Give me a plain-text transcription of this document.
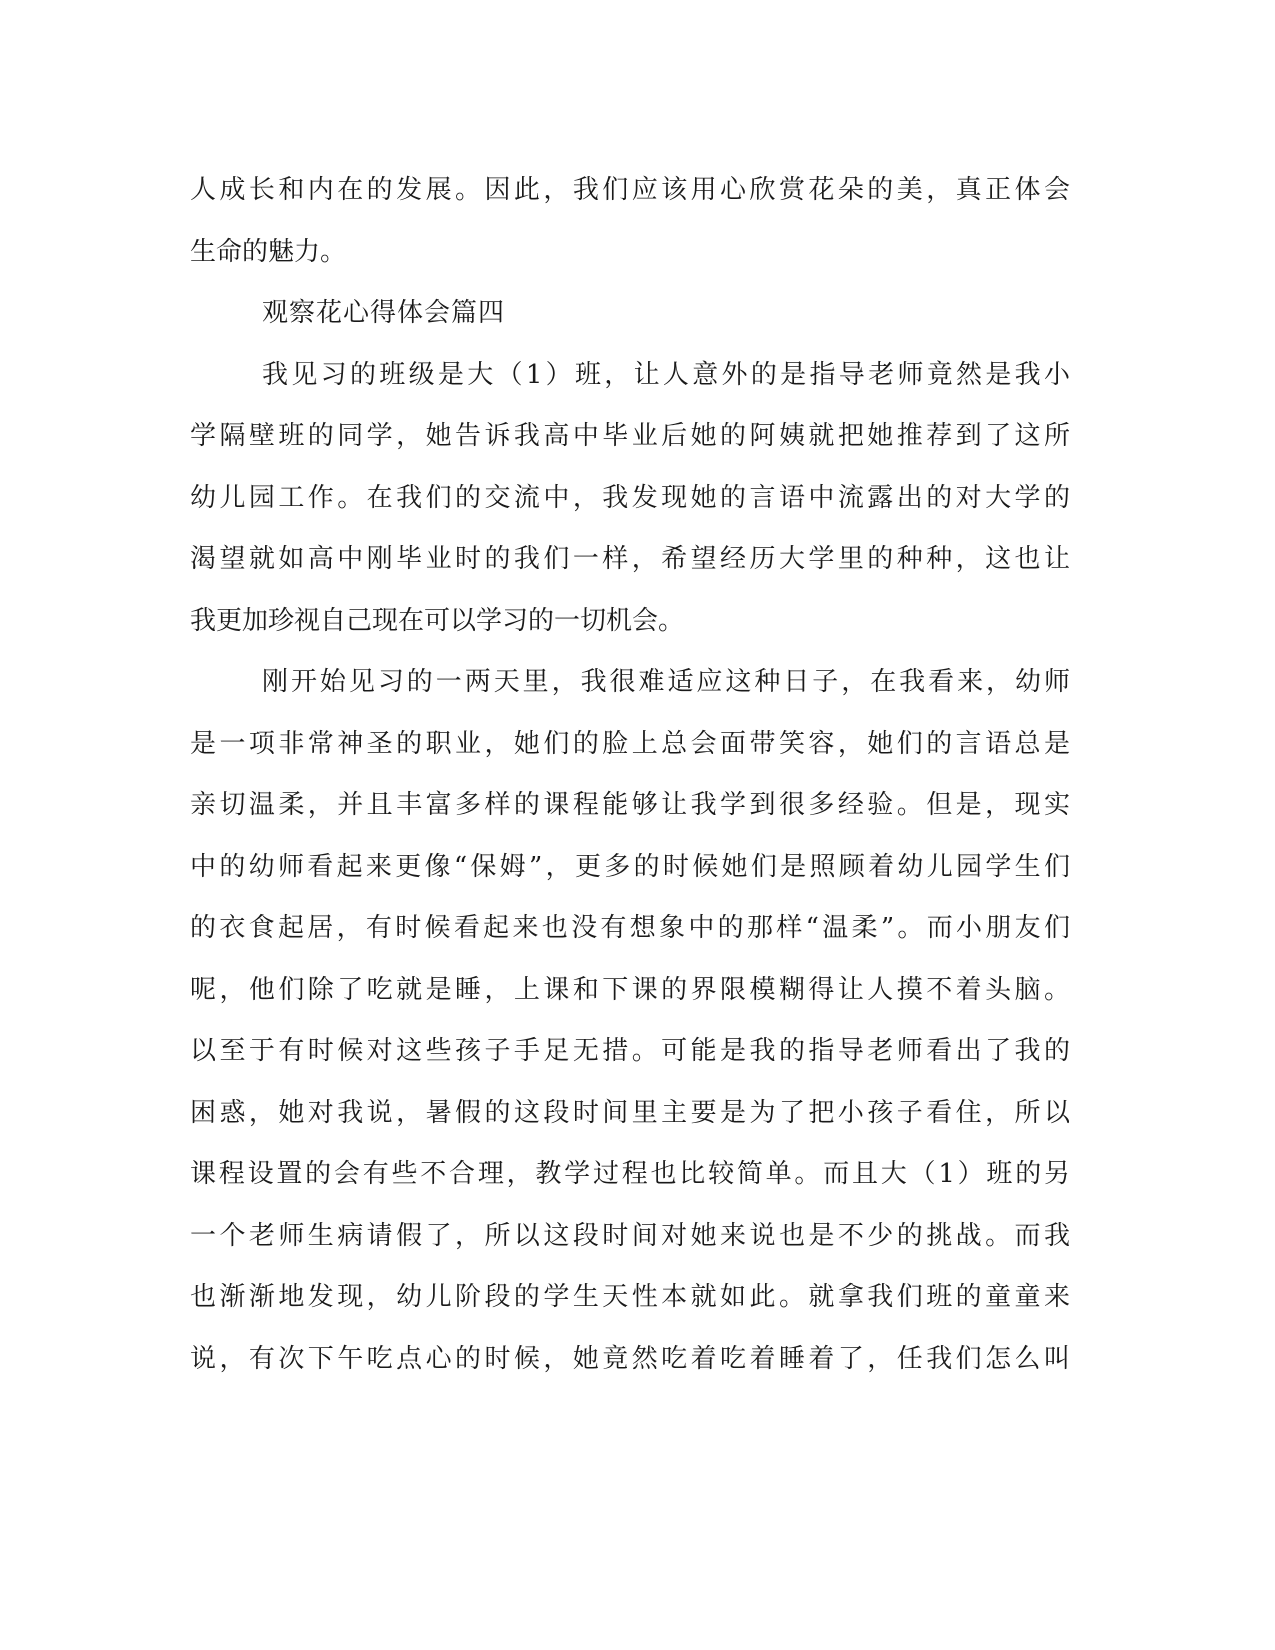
人成长和内在的发展。因此，我们应该用心欣赏花朵的美，真正体会
生命的魅力。
观察花心得体会篇四
我见习的班级是大（1）班，让人意外的是指导老师竟然是我小
学隔壁班的同学，她告诉我高中毕业后她的阿姨就把她推荐到了这所
幼儿园工作。在我们的交流中，我发现她的言语中流露出的对大学的
渴望就如高中刚毕业时的我们一样，希望经历大学里的种种，这也让
我更加珍视自己现在可以学习的一切机会。
刚开始见习的一两天里，我很难适应这种日子，在我看来，幼师
是一项非常神圣的职业，她们的脸上总会面带笑容，她们的言语总是
亲切温柔，并且丰富多样的课程能够让我学到很多经验。但是，现实
中的幼师看起来更像“保姆”，更多的时候她们是照顾着幼儿园学生们
的衣食起居，有时候看起来也没有想象中的那样“温柔”。而小朋友们
呢，他们除了吃就是睡，上课和下课的界限模糊得让人摸不着头脑。
以至于有时候对这些孩子手足无措。可能是我的指导老师看出了我的
困惑，她对我说，暑假的这段时间里主要是为了把小孩子看住，所以
课程设置的会有些不合理，教学过程也比较简单。而且大（1）班的另
一个老师生病请假了，所以这段时间对她来说也是不少的挑战。而我
也渐渐地发现，幼儿阶段的学生天性本就如此。就拿我们班的童童来
说，有次下午吃点心的时候，她竟然吃着吃着睡着了，任我们怎么叫
